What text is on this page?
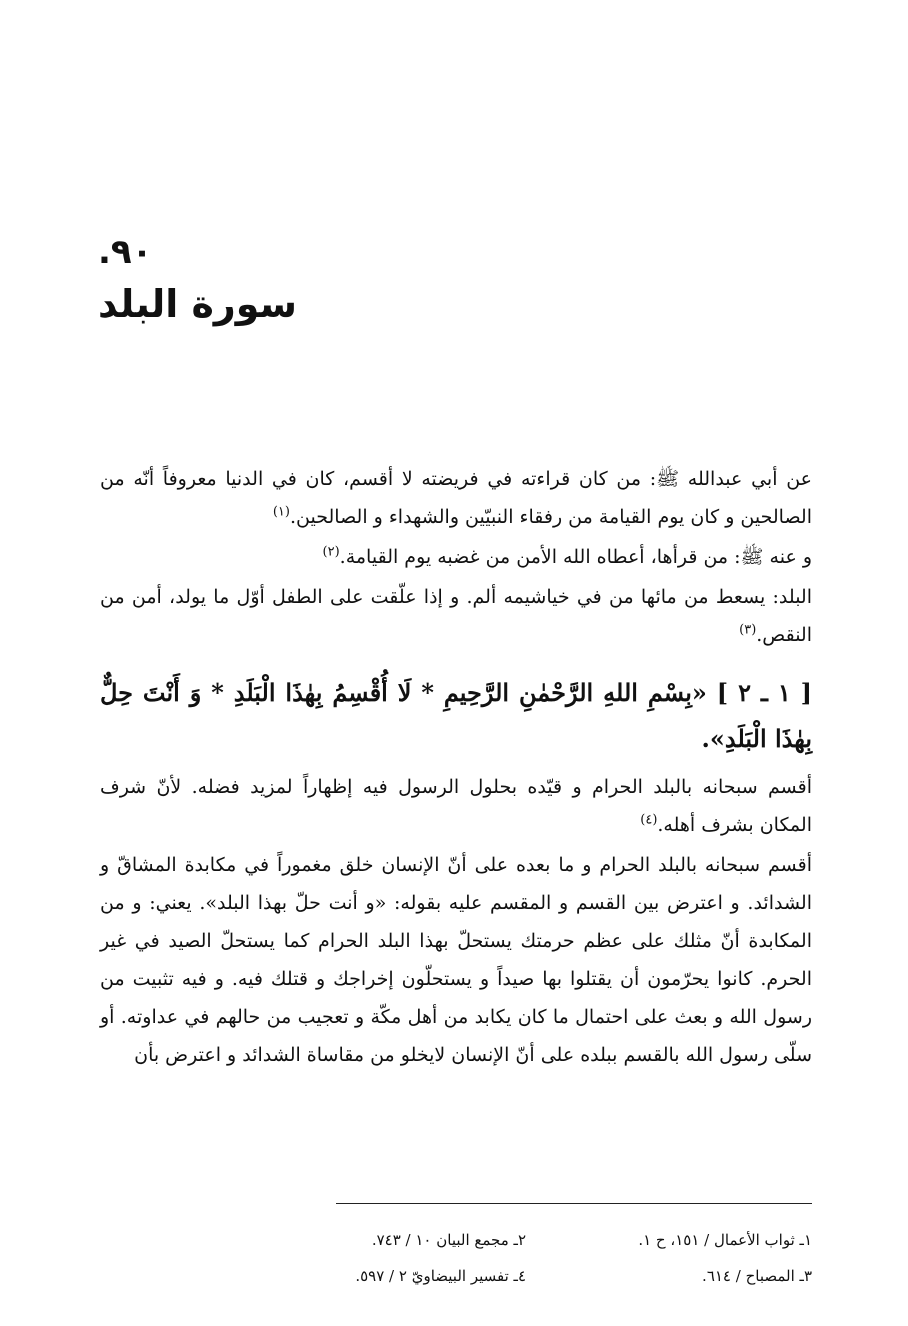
.٩٠
سورة البلد

عن أبي عبدالله ﷺ: من كان قراءته في فريضته لا أقسم، كان في الدنيا معروفاً أنّه من الصالحين و كان يوم القيامة من رفقاء النبيّين والشهداء و الصالحين.$^{(١)}$

و عنه ﷺ: من قرأها، أعطاه الله الأمن من غضبه يوم القيامة.$^{(٢)}$

البلد: يسعط من مائها من في خياشيمه ألم. و إذا علّقت على الطفل أوّل ما يولد، أمن من النقص.$^{(٣)}$

[ ١ ـ ٢ ] «بِسْمِ اللهِ الرَّحْمٰنِ الرَّحِيمِ * لَا أُقْسِمُ بِهٰذَا الْبَلَدِ * وَ أَنْتَ حِلٌّ بِهٰذَا الْبَلَدِ».

أقسم سبحانه بالبلد الحرام و قيّده بحلول الرسول فيه إظهاراً لمزيد فضله. لأنّ شرف المكان بشرف أهله.$^{(٤)}$

أقسم سبحانه بالبلد الحرام و ما بعده على أنّ الإنسان خلق مغموراً في مكابدة المشاقّ و الشدائد. و اعترض بين القسم و المقسم عليه بقوله: «و أنت حلّ بهذا البلد». يعني: و من المكابدة أنّ مثلك على عظم حرمتك يستحلّ بهذا البلد الحرام كما يستحلّ الصيد في غير الحرم. كانوا يحرّمون أن يقتلوا بها صيداً و يستحلّون إخراجك و قتلك فيه. و فيه تثبيت من رسول الله و بعث على احتمال ما كان يكابد من أهل مكّة و تعجيب من حالهم في عداوته. أو سلّى رسول الله بالقسم ببلده على أنّ الإنسان لايخلو من مقاساة الشدائد و اعترض بأن

١ـ ثواب الأعمال / ١٥١، ح ١.
٢ـ مجمع البيان ١٠ / ٧٤٣.
٣ـ المصباح / ٦١٤.
٤ـ تفسير البيضاويّ ٢ / ٥٩٧.
